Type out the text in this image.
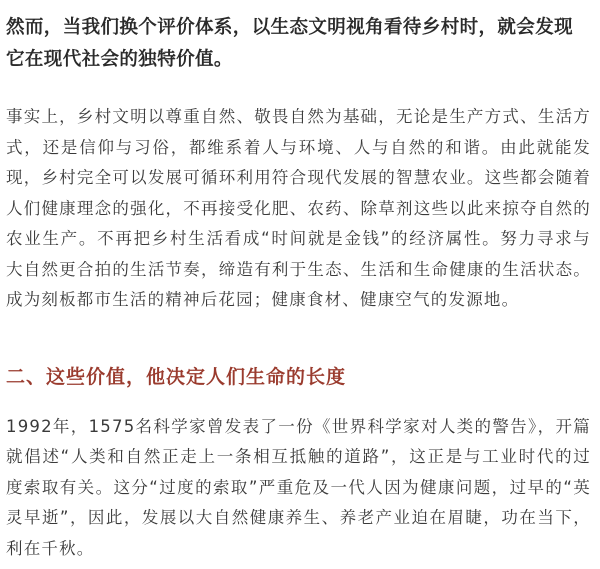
然而，当我们换个评价体系，以生态文明视角看待乡村时，就会发现它在现代社会的独特价值。

事实上，乡村文明以尊重自然、敬畏自然为基础，无论是生产方式、生活方式，还是信仰与习俗，都维系着人与环境、人与自然的和谐。由此就能发现，乡村完全可以发展可循环利用符合现代发展的智慧农业。这些都会随着人们健康理念的强化，不再接受化肥、农药、除草剂这些以此来掠夺自然的农业生产。不再把乡村生活看成“时间就是金钱”的经济属性。努力寻求与大自然更合拍的生活节奏，缔造有利于生态、生活和生命健康的生活状态。成为刻板都市生活的精神后花园；健康食材、健康空气的发源地。

二、这些价值，他决定人们生命的长度

1992年，1575名科学家曾发表了一份《世界科学家对人类的警告》，开篇就倡述“人类和自然正走上一条相互抵触的道路”，这正是与工业时代的过度索取有关。这分“过度的索取”严重危及一代人因为健康问题，过早的“英灵早逝”，因此，发展以大自然健康养生、养老产业迫在眉睫，功在当下，利在千秋。
